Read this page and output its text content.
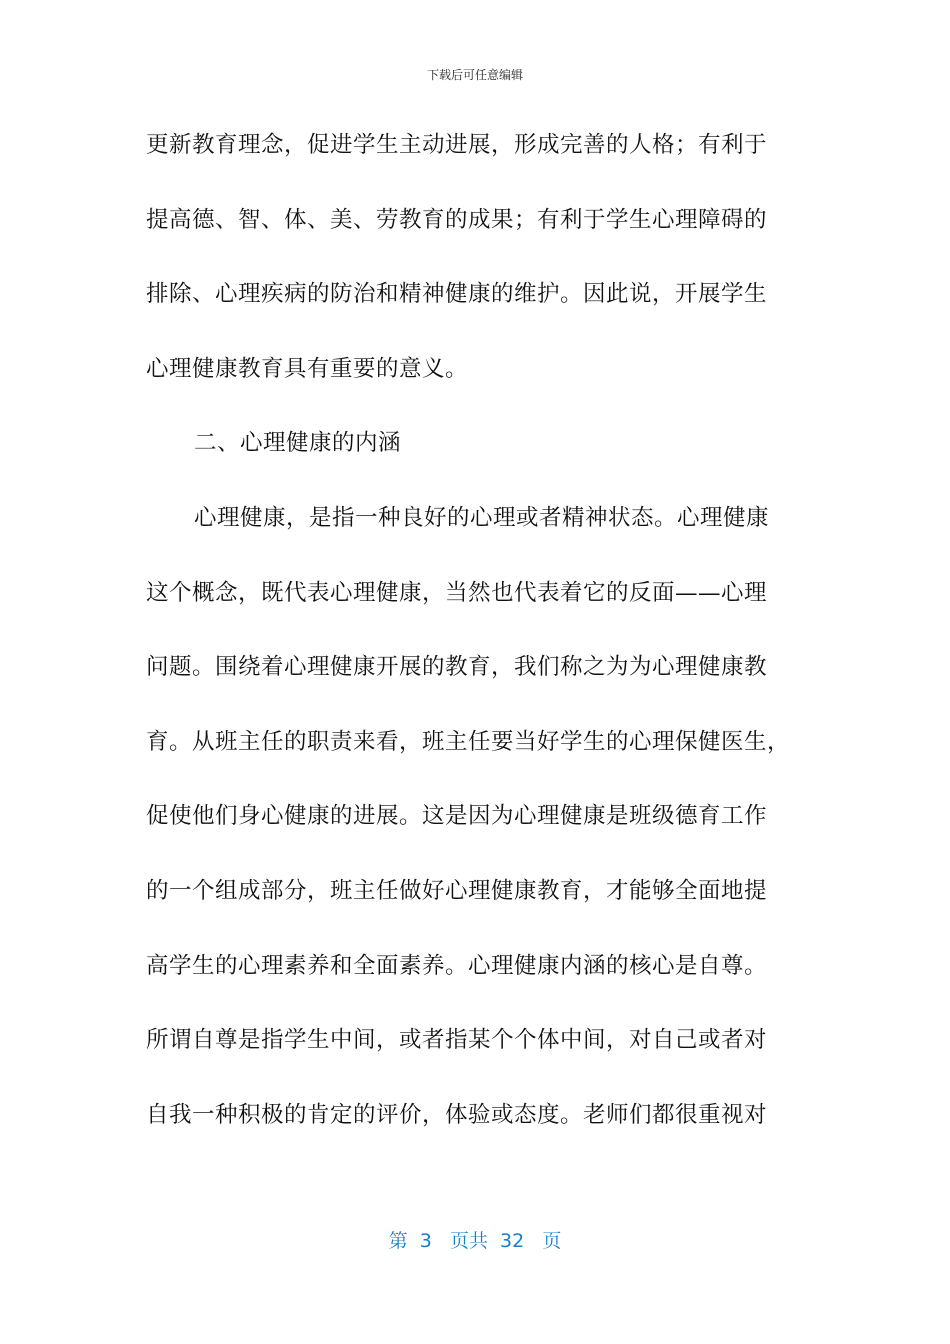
下载后可任意编辑
更新教育理念，促进学生主动进展，形成完善的人格；有利于
提高德、智、体、美、劳教育的成果；有利于学生心理障碍的
排除、心理疾病的防治和精神健康的维护。因此说，开展学生
心理健康教育具有重要的意义。
二、心理健康的内涵
心理健康，是指一种良好的心理或者精神状态。心理健康
这个概念，既代表心理健康，当然也代表着它的反面——心理
问题。围绕着心理健康开展的教育，我们称之为为心理健康教
育。从班主任的职责来看，班主任要当好学生的心理保健医生，
促使他们身心健康的进展。这是因为心理健康是班级德育工作
的一个组成部分，班主任做好心理健康教育，才能够全面地提
高学生的心理素养和全面素养。心理健康内涵的核心是自尊。
所谓自尊是指学生中间，或者指某个个体中间，对自己或者对
自我一种积极的肯定的评价，体验或态度。老师们都很重视对
第 3 页共 32 页
